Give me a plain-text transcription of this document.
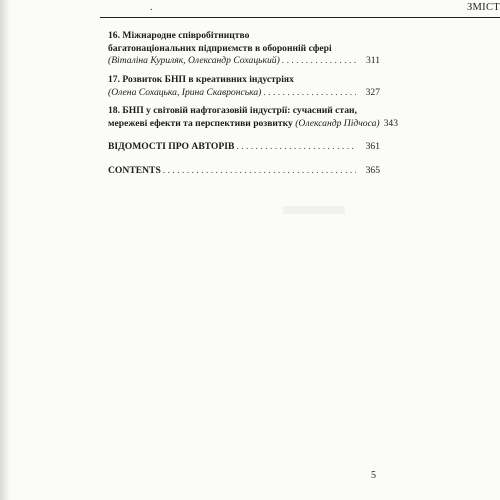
.	ЗМІСТ
16. Міжнародне співробітництво
багатонаціональних підприємств в оборонній сфері
(Віталіна Куриляк, Олександр Сохацький) . . .	311
17. Розвиток БНП в креативних індустріях
(Олена Сохацька, Ірина Скавронська) . . .	327
18. БНП у світовій нафтогазовій індустрії: сучасний стан,
мережеві ефекти та перспективи розвитку (Олександр Підчоса) 343
ВІДОМОСТІ ПРО АВТОРІВ . . .	361
CONTENTS . . .	365
5
